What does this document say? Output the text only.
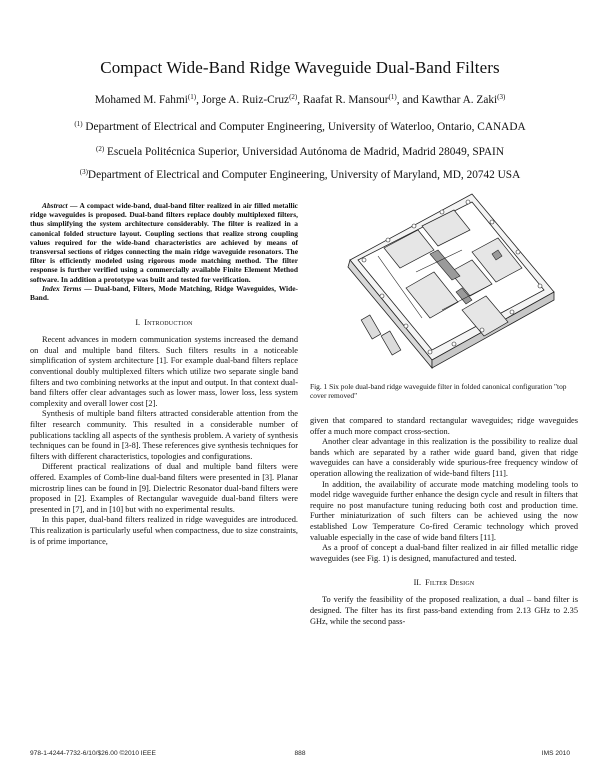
Compact Wide-Band Ridge Waveguide Dual-Band Filters
Mohamed M. Fahmi$^{(1)}$, Jorge A. Ruiz-Cruz$^{(2)}$, Raafat R. Mansour$^{(1)}$, and Kawthar A. Zaki$^{(3)}$
$^{(1)}$ Department of Electrical and Computer Engineering, University of Waterloo, Ontario, CANADA
$^{(2)}$ Escuela Politécnica Superior, Universidad Autónoma de Madrid, Madrid 28049, SPAIN
$^{(3)}$Department of Electrical and Computer Engineering, University of Maryland, MD, 20742 USA

Abstract — A compact wide-band, dual-band filter realized in air filled metallic ridge waveguides is proposed. Dual-band filters replace doubly multiplexed filters, thus simplifying the system architecture considerably. The filter is realized in a canonical folded structure layout. Coupling sections that realize strong coupling values required for the wide-band characteristics are achieved by means of transversal sections of ridges connecting the main ridge waveguide resonators. The filter is efficiently modeled using rigorous mode matching method. The filter response is further verified using a commercially available Finite Element Method software. In addition a prototype was built and tested for verification.

Index Terms — Dual-band, Filters, Mode Matching, Ridge Waveguides, Wide-Band.

I. Introduction

Recent advances in modern communication systems increased the demand on dual and multiple band filters. Such filters results in a noticeable simplification of system architecture [1]. For example dual-band filters replace conventional doubly multiplexed filters which utilize two separate single band filters and two combining networks at the input and output. In that context dual-band filters offer clear advantages such as lower mass, lower loss, less system complexity and overall lower cost [2].

Synthesis of multiple band filters attracted considerable attention from the filter research community. This resulted in a considerable number of publications tackling all aspects of the synthesis problem. A variety of synthesis techniques can be found in [3-8]. These references give synthesis techniques for filters with different characteristics, topologies and configurations.

Different practical realizations of dual and multiple band filters were offered. Examples of Comb-line dual-band filters were presented in [3]. Planar microstrip lines can be found in [9]. Dielectric Resonator dual-band filters were proposed in [2]. Examples of Rectangular waveguide dual-band filters were presented in [7], and in [10] but with no experimental results.

In this paper, dual-band filters realized in ridge waveguides are introduced. This realization is particularly useful when compactness, due to size constraints, is of prime importance,

Fig. 1 Six pole dual-band ridge waveguide filter in folded canonical configuration "top cover removed"

given that compared to standard rectangular waveguides; ridge waveguides offer a much more compact cross-section.

Another clear advantage in this realization is the possibility to realize dual bands which are separated by a rather wide guard band, given that ridge waveguides can have a considerably wide spurious-free frequency window of operation allowing the realization of wide-band filters [11].

In addition, the availability of accurate mode matching modeling tools to model ridge waveguide further enhance the design cycle and result in filters that require no post manufacture tuning reducing both cost and production time. Further miniaturization of such filters can be achieved using the now established Low Temperature Co-fired Ceramic technology which proved valuable especially in the case of wide band filters [11].

As a proof of concept a dual-band filter realized in air filled metallic ridge waveguides (see Fig. 1) is designed, manufactured and tested.

II. Filter Design

To verify the feasibility of the proposed realization, a dual – band filter is designed. The filter has its first pass-band extending from 2.13 GHz to 2.35 GHz, while the second pass-

978-1-4244-7732-6/10/$26.00 ©2010 IEEE	888	IMS 2010
